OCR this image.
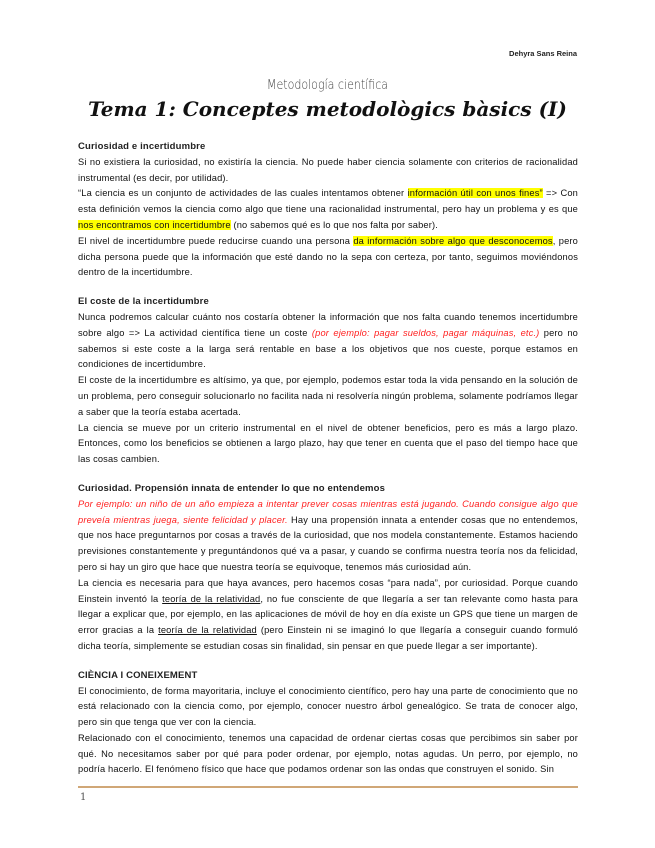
Dehyra Sans Reina
Metodología científica
Tema 1: Conceptes metodològics bàsics (I)
Curiosidad e incertidumbre

Si no existiera la curiosidad, no existiría la ciencia. No puede haber ciencia solamente con criterios de racionalidad instrumental (es decir, por utilidad).

“La ciencia es un conjunto de actividades de las cuales intentamos obtener información útil con unos fines” => Con esta definición vemos la ciencia como algo que tiene una racionalidad instrumental, pero hay un problema y es que nos encontramos con incertidumbre (no sabemos qué es lo que nos falta por saber).

El nivel de incertidumbre puede reducirse cuando una persona da información sobre algo que desconocemos, pero dicha persona puede que la información que esté dando no la sepa con certeza, por tanto, seguimos moviéndonos dentro de la incertidumbre.

El coste de la incertidumbre

Nunca podremos calcular cuánto nos costaría obtener la información que nos falta cuando tenemos incertidumbre sobre algo => La actividad científica tiene un coste (por ejemplo: pagar sueldos, pagar máquinas, etc.) pero no sabemos si este coste a la larga será rentable en base a los objetivos que nos cueste, porque estamos en condiciones de incertidumbre.

El coste de la incertidumbre es altísimo, ya que, por ejemplo, podemos estar toda la vida pensando en la solución de un problema, pero conseguir solucionarlo no facilita nada ni resolvería ningún problema, solamente podríamos llegar a saber que la teoría estaba acertada.

La ciencia se mueve por un criterio instrumental en el nivel de obtener beneficios, pero es más a largo plazo. Entonces, como los beneficios se obtienen a largo plazo, hay que tener en cuenta que el paso del tiempo hace que las cosas cambien.

Curiosidad. Propensión innata de entender lo que no entendemos

Por ejemplo: un niño de un año empieza a intentar prever cosas mientras está jugando. Cuando consigue algo que preveía mientras juega, siente felicidad y placer. Hay una propensión innata a entender cosas que no entendemos, que nos hace preguntarnos por cosas a través de la curiosidad, que nos modela constantemente. Estamos haciendo previsiones constantemente y preguntándonos qué va a pasar, y cuando se confirma nuestra teoría nos da felicidad, pero si hay un giro que hace que nuestra teoría se equivoque, tenemos más curiosidad aún.

La ciencia es necesaria para que haya avances, pero hacemos cosas “para nada”, por curiosidad. Porque cuando Einstein inventó la teoría de la relatividad, no fue consciente de que llegaría a ser tan relevante como hasta para llegar a explicar que, por ejemplo, en las aplicaciones de móvil de hoy en día existe un GPS que tiene un margen de error gracias a la teoría de la relatividad (pero Einstein ni se imaginó lo que llegaría a conseguir cuando formuló dicha teoría, simplemente se estudian cosas sin finalidad, sin pensar en que puede llegar a ser importante).

CIÈNCIA I CONEIXEMENT

El conocimiento, de forma mayoritaria, incluye el conocimiento científico, pero hay una parte de conocimiento que no está relacionado con la ciencia como, por ejemplo, conocer nuestro árbol genealógico. Se trata de conocer algo, pero sin que tenga que ver con la ciencia.

Relacionado con el conocimiento, tenemos una capacidad de ordenar ciertas cosas que percibimos sin saber por qué. No necesitamos saber por qué para poder ordenar, por ejemplo, notas agudas. Un perro, por ejemplo, no podría hacerlo. El fenómeno físico que hace que podamos ordenar son las ondas que construyen el sonido. Sin

1
